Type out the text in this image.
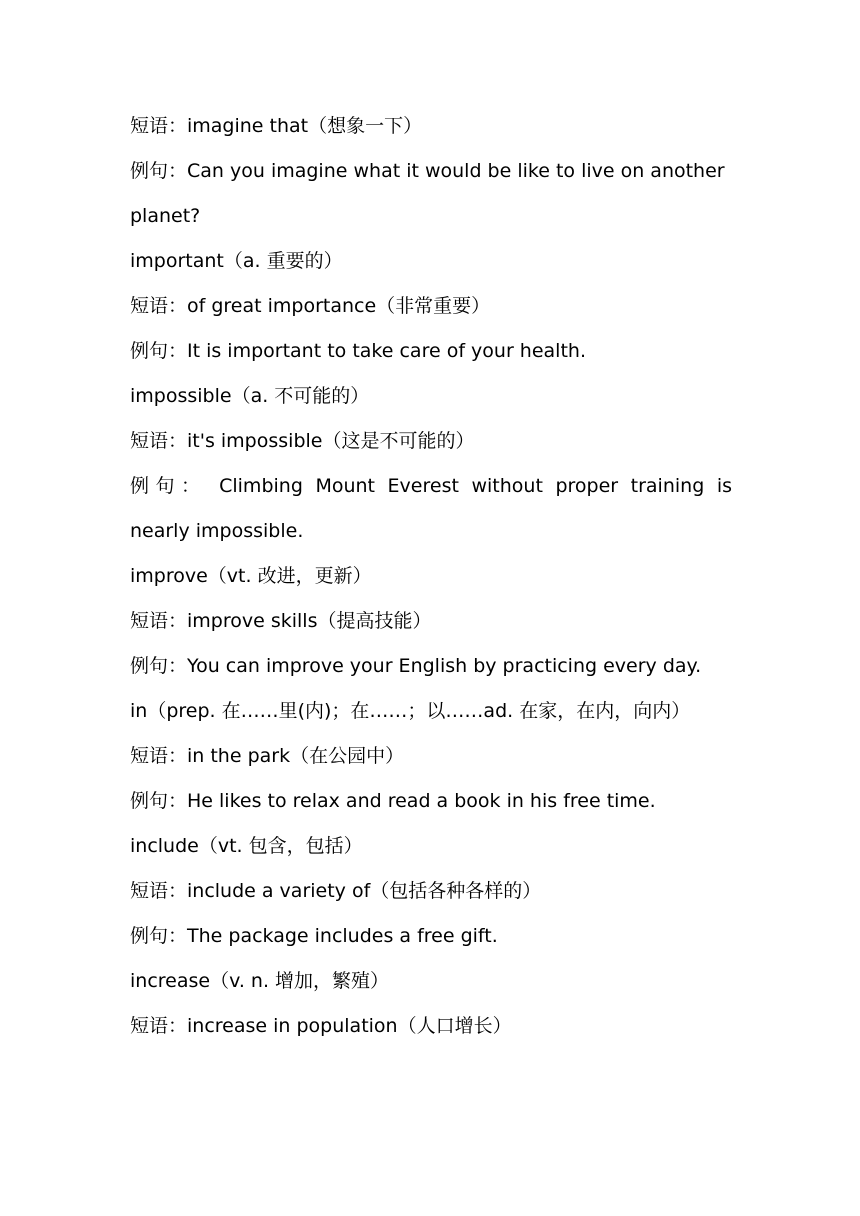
短语：imagine that（想象一下）

例句：Can you imagine what it would be like to live on another planet?

important（a. 重要的）

短语：of great importance（非常重要）

例句：It is important to take care of your health.

impossible（a. 不可能的）

短语：it's impossible（这是不可能的）

例句： Climbing Mount Everest without proper training is nearly impossible.

improve（vt. 改进，更新）

短语：improve skills（提高技能）

例句：You can improve your English by practicing every day.

in（prep. 在……里(内)；在……；以……ad. 在家，在内，向内）

短语：in the park（在公园中）

例句：He likes to relax and read a book in his free time.

include（vt. 包含，包括）

短语：include a variety of（包括各种各样的）

例句：The package includes a free gift.

increase（v. n. 增加，繁殖）

短语：increase in population（人口增长）
